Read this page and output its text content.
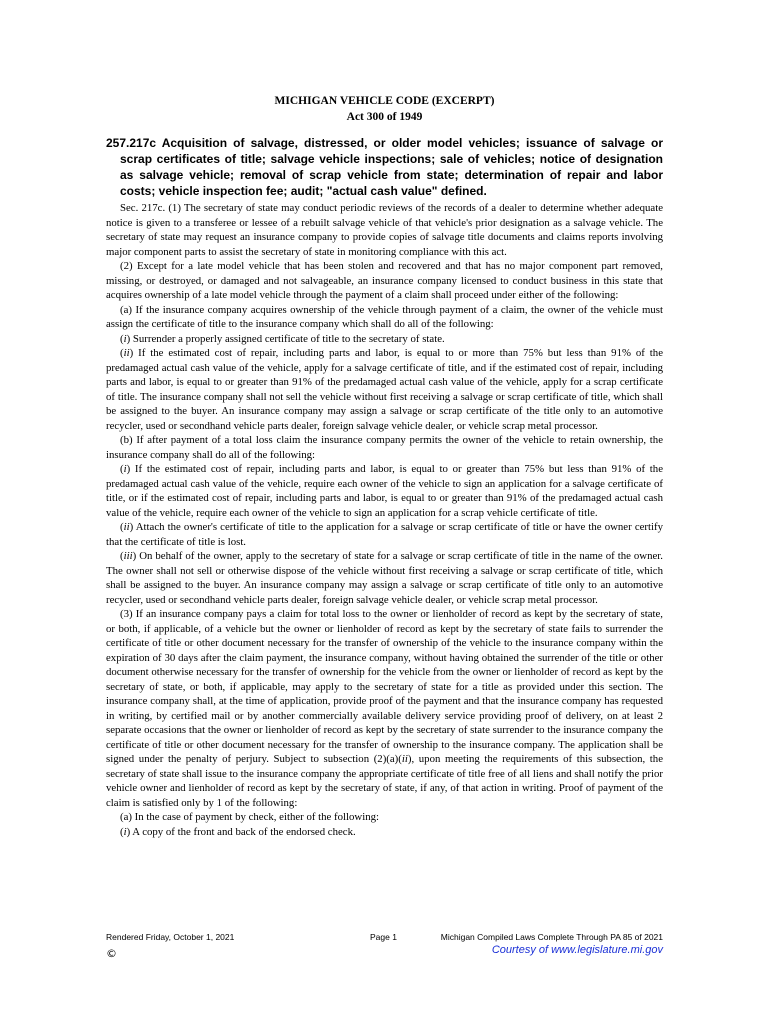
MICHIGAN VEHICLE CODE (EXCERPT)
Act 300 of 1949
257.217c Acquisition of salvage, distressed, or older model vehicles; issuance of salvage or scrap certificates of title; salvage vehicle inspections; sale of vehicles; notice of designation as salvage vehicle; removal of scrap vehicle from state; determination of repair and labor costs; vehicle inspection fee; audit; "actual cash value" defined.

Sec. 217c. (1) The secretary of state may conduct periodic reviews of the records of a dealer to determine whether adequate notice is given to a transferee or lessee of a rebuilt salvage vehicle of that vehicle's prior designation as a salvage vehicle. The secretary of state may request an insurance company to provide copies of salvage title documents and claims reports involving major component parts to assist the secretary of state in monitoring compliance with this act.

(2) Except for a late model vehicle that has been stolen and recovered and that has no major component part removed, missing, or destroyed, or damaged and not salvageable, an insurance company licensed to conduct business in this state that acquires ownership of a late model vehicle through the payment of a claim shall proceed under either of the following:

(a) If the insurance company acquires ownership of the vehicle through payment of a claim, the owner of the vehicle must assign the certificate of title to the insurance company which shall do all of the following:

(i) Surrender a properly assigned certificate of title to the secretary of state.

(ii) If the estimated cost of repair, including parts and labor, is equal to or more than 75% but less than 91% of the predamaged actual cash value of the vehicle, apply for a salvage certificate of title, and if the estimated cost of repair, including parts and labor, is equal to or greater than 91% of the predamaged actual cash value of the vehicle, apply for a scrap certificate of title. The insurance company shall not sell the vehicle without first receiving a salvage or scrap certificate of title, which shall be assigned to the buyer. An insurance company may assign a salvage or scrap certificate of the title only to an automotive recycler, used or secondhand vehicle parts dealer, foreign salvage vehicle dealer, or vehicle scrap metal processor.

(b) If after payment of a total loss claim the insurance company permits the owner of the vehicle to retain ownership, the insurance company shall do all of the following:

(i) If the estimated cost of repair, including parts and labor, is equal to or greater than 75% but less than 91% of the predamaged actual cash value of the vehicle, require each owner of the vehicle to sign an application for a salvage certificate of title, or if the estimated cost of repair, including parts and labor, is equal to or greater than 91% of the predamaged actual cash value of the vehicle, require each owner of the vehicle to sign an application for a scrap vehicle certificate of title.

(ii) Attach the owner's certificate of title to the application for a salvage or scrap certificate of title or have the owner certify that the certificate of title is lost.

(iii) On behalf of the owner, apply to the secretary of state for a salvage or scrap certificate of title in the name of the owner. The owner shall not sell or otherwise dispose of the vehicle without first receiving a salvage or scrap certificate of title, which shall be assigned to the buyer. An insurance company may assign a salvage or scrap certificate of title only to an automotive recycler, used or secondhand vehicle parts dealer, foreign salvage vehicle dealer, or vehicle scrap metal processor.

(3) If an insurance company pays a claim for total loss to the owner or lienholder of record as kept by the secretary of state, or both, if applicable, of a vehicle but the owner or lienholder of record as kept by the secretary of state fails to surrender the certificate of title or other document necessary for the transfer of ownership of the vehicle to the insurance company within the expiration of 30 days after the claim payment, the insurance company, without having obtained the surrender of the title or other document otherwise necessary for the transfer of ownership for the vehicle from the owner or lienholder of record as kept by the secretary of state, or both, if applicable, may apply to the secretary of state for a title as provided under this section. The insurance company shall, at the time of application, provide proof of the payment and that the insurance company has requested in writing, by certified mail or by another commercially available delivery service providing proof of delivery, on at least 2 separate occasions that the owner or lienholder of record as kept by the secretary of state surrender to the insurance company the certificate of title or other document necessary for the transfer of ownership to the insurance company. The application shall be signed under the penalty of perjury. Subject to subsection (2)(a)(ii), upon meeting the requirements of this subsection, the secretary of state shall issue to the insurance company the appropriate certificate of title free of all liens and shall notify the prior vehicle owner and lienholder of record as kept by the secretary of state, if any, of that action in writing. Proof of payment of the claim is satisfied only by 1 of the following:

(a) In the case of payment by check, either of the following:

(i) A copy of the front and back of the endorsed check.

Rendered Friday, October 1, 2021	Page 1	Michigan Compiled Laws Complete Through PA 85 of 2021
©	Courtesy of www.legislature.mi.gov
